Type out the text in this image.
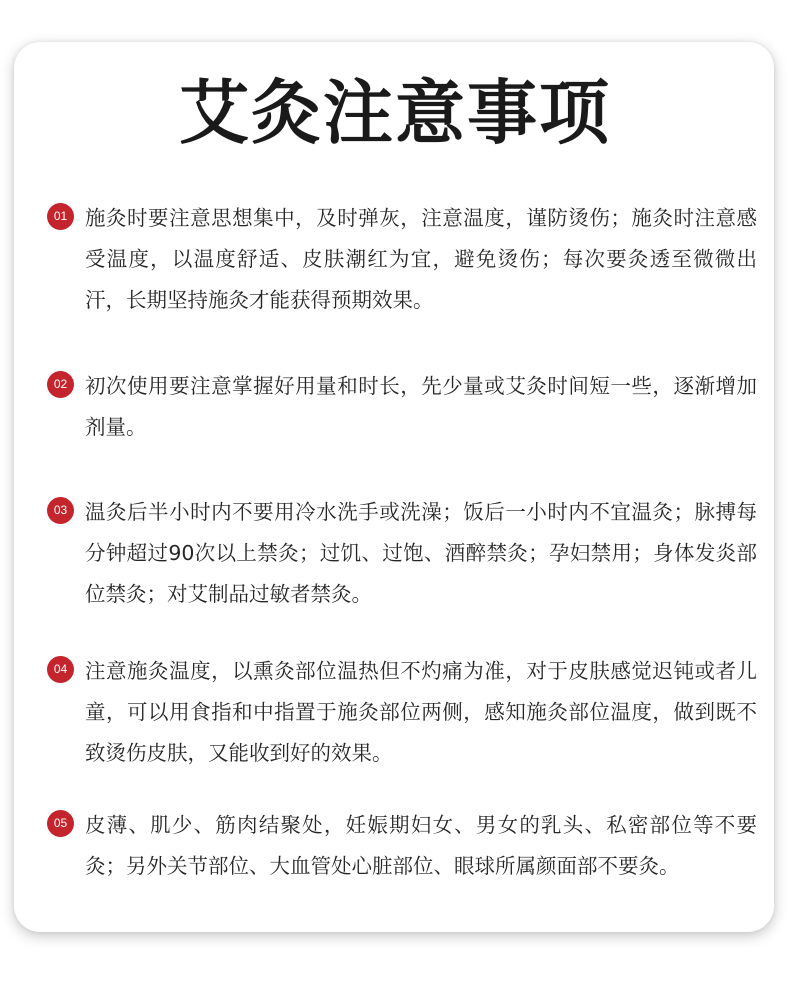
艾灸注意事项
01 施灸时要注意思想集中，及时弹灰，注意温度，谨防烫伤；施灸时注意感受温度，以温度舒适、皮肤潮红为宜，避免烫伤；每次要灸透至微微出汗，长期坚持施灸才能获得预期效果。
02 初次使用要注意掌握好用量和时长，先少量或艾灸时间短一些，逐渐增加剂量。
03 温灸后半小时内不要用冷水洗手或洗澡；饭后一小时内不宜温灸；脉搏每分钟超过90次以上禁灸；过饥、过饱、酒醉禁灸；孕妇禁用；身体发炎部位禁灸；对艾制品过敏者禁灸。
04 注意施灸温度，以熏灸部位温热但不灼痛为准，对于皮肤感觉迟钝或者儿童，可以用食指和中指置于施灸部位两侧，感知施灸部位温度，做到既不致烫伤皮肤，又能收到好的效果。
05 皮薄、肌少、筋肉结聚处，妊娠期妇女、男女的乳头、私密部位等不要灸；另外关节部位、大血管处心脏部位、眼球所属颜面部不要灸。
